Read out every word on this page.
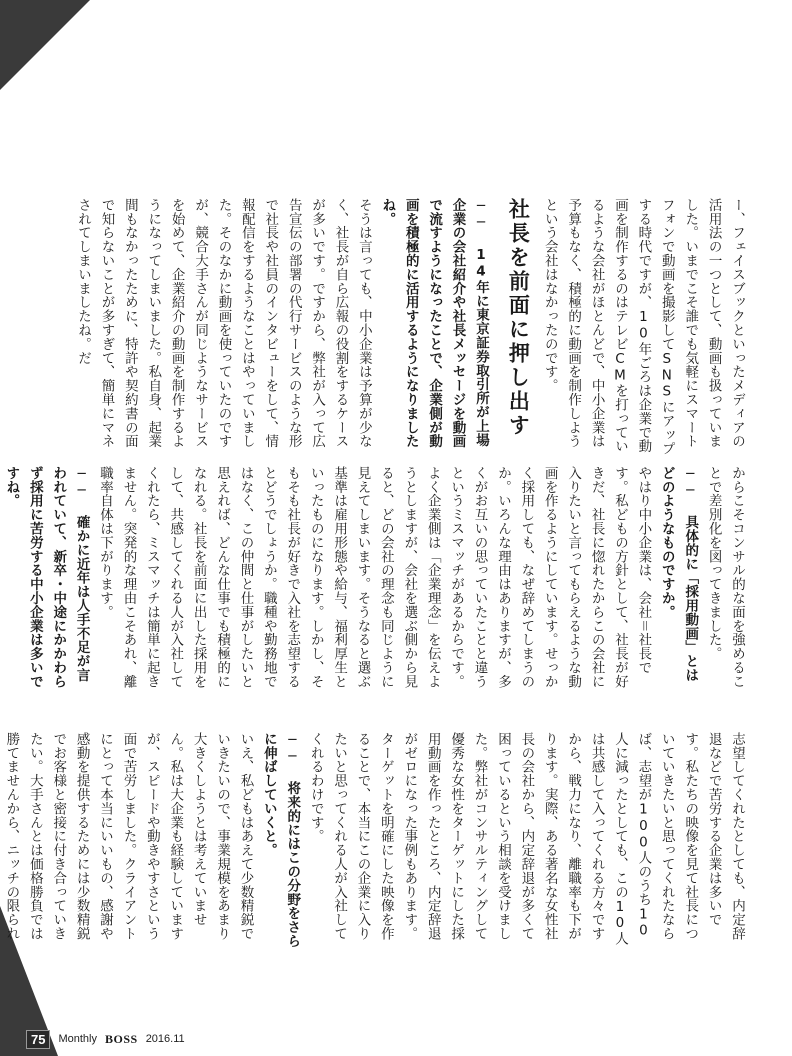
ー、フェイスブックといったメディアの活用法の一つとして、動画も扱っていました。いまでこそ誰でも気軽にスマートフォンで動画を撮影してSNSにアップする時代ですが、10年ごろは企業で動画を制作するのはテレビCMを打っているような会社がほとんどで、中小企業は予算もなく、積極的に動画を制作しようという会社はなかったのです。

社長を前面に押し出す

── 14年に東京証券取引所が上場企業の会社紹介や社長メッセージを動画で流すようになったことで、企業側が動画を積極的に活用するようになりましたね。

そうは言っても、中小企業は予算が少なく、社長が自ら広報の役割をするケースが多いです。ですから、弊社が入って広告宣伝の部署の代行サービスのような形で社長や社員のインタビューをして、情報配信をするようなことはやっていました。そのなかに動画を使っていたのですが、競合大手さんが同じようなサービスを始めて、企業紹介の動画を制作するようになってしまいました。私自身、起業間もなかったために、特許や契約書の面で知らないことが多すぎて、簡単にマネされてしまいましたね。だ

からこそコンサル的な面を強めることで差別化を図ってきました。

── 具体的に「採用動画」とはどのようなものですか。

やはり中小企業は、会社＝社長です。私どもの方針として、社長が好きだ、社長に惚れたからこの会社に入りたいと言ってもらえるような動画を作るようにしています。せっかく採用しても、なぜ辞めてしまうのか。いろんな理由はありますが、多くがお互いの思っていたことと違うというミスマッチがあるからです。よく企業側は「企業理念」を伝えようとしますが、会社を選ぶ側から見ると、どの会社の理念も同じように見えてしまいます。そうなると選ぶ基準は雇用形態や給与、福利厚生といったものになります。しかし、そもそも社長が好きで入社を志望するとどうでしょうか。職種や勤務地ではなく、この仲間と仕事がしたいと思えれば、どんな仕事でも積極的になれる。社長を前面に出した採用をして、共感してくれる人が入社してくれたら、ミスマッチは簡単に起きません。突発的な理由こそあれ、離職率自体は下がります。

── 確かに近年は人手不足が言われていて、新卒・中途にかかわらず採用に苦労する中小企業は多いですね。

志望してくれたとしても、内定辞退などで苦労する企業は多いです。私たちの映像を見て社長についていきたいと思ってくれたならば、志望が100人のうち10人に減ったとしても、この10人は共感して入ってくれる方々ですから、戦力になり、離職率も下がります。実際、ある著名な女性社長の会社から、内定辞退が多くて困っているという相談を受けました。弊社がコンサルティングして優秀な女性をターゲットにした採用動画を作ったところ、内定辞退がゼロになった事例もあります。ターゲットを明確にした映像を作ることで、本当にこの企業に入りたいと思ってくれる人が入社してくれるわけです。

── 将来的にはこの分野をさらに伸ばしていくと。

いえ、私どもはあえて少数精鋭でいきたいので、事業規模をあまり大きくしようとは考えていません。私は大企業も経験していますが、スピードや動きやすさという面で苦労しました。クライアントにとって本当にいいもの、感謝や感動を提供するためには少数精鋭でお客様と密接に付き合っていきたい。大手さんとは価格勝負では勝てませんから、ニッチの限られ

75	Monthly BOSS 2016.11
